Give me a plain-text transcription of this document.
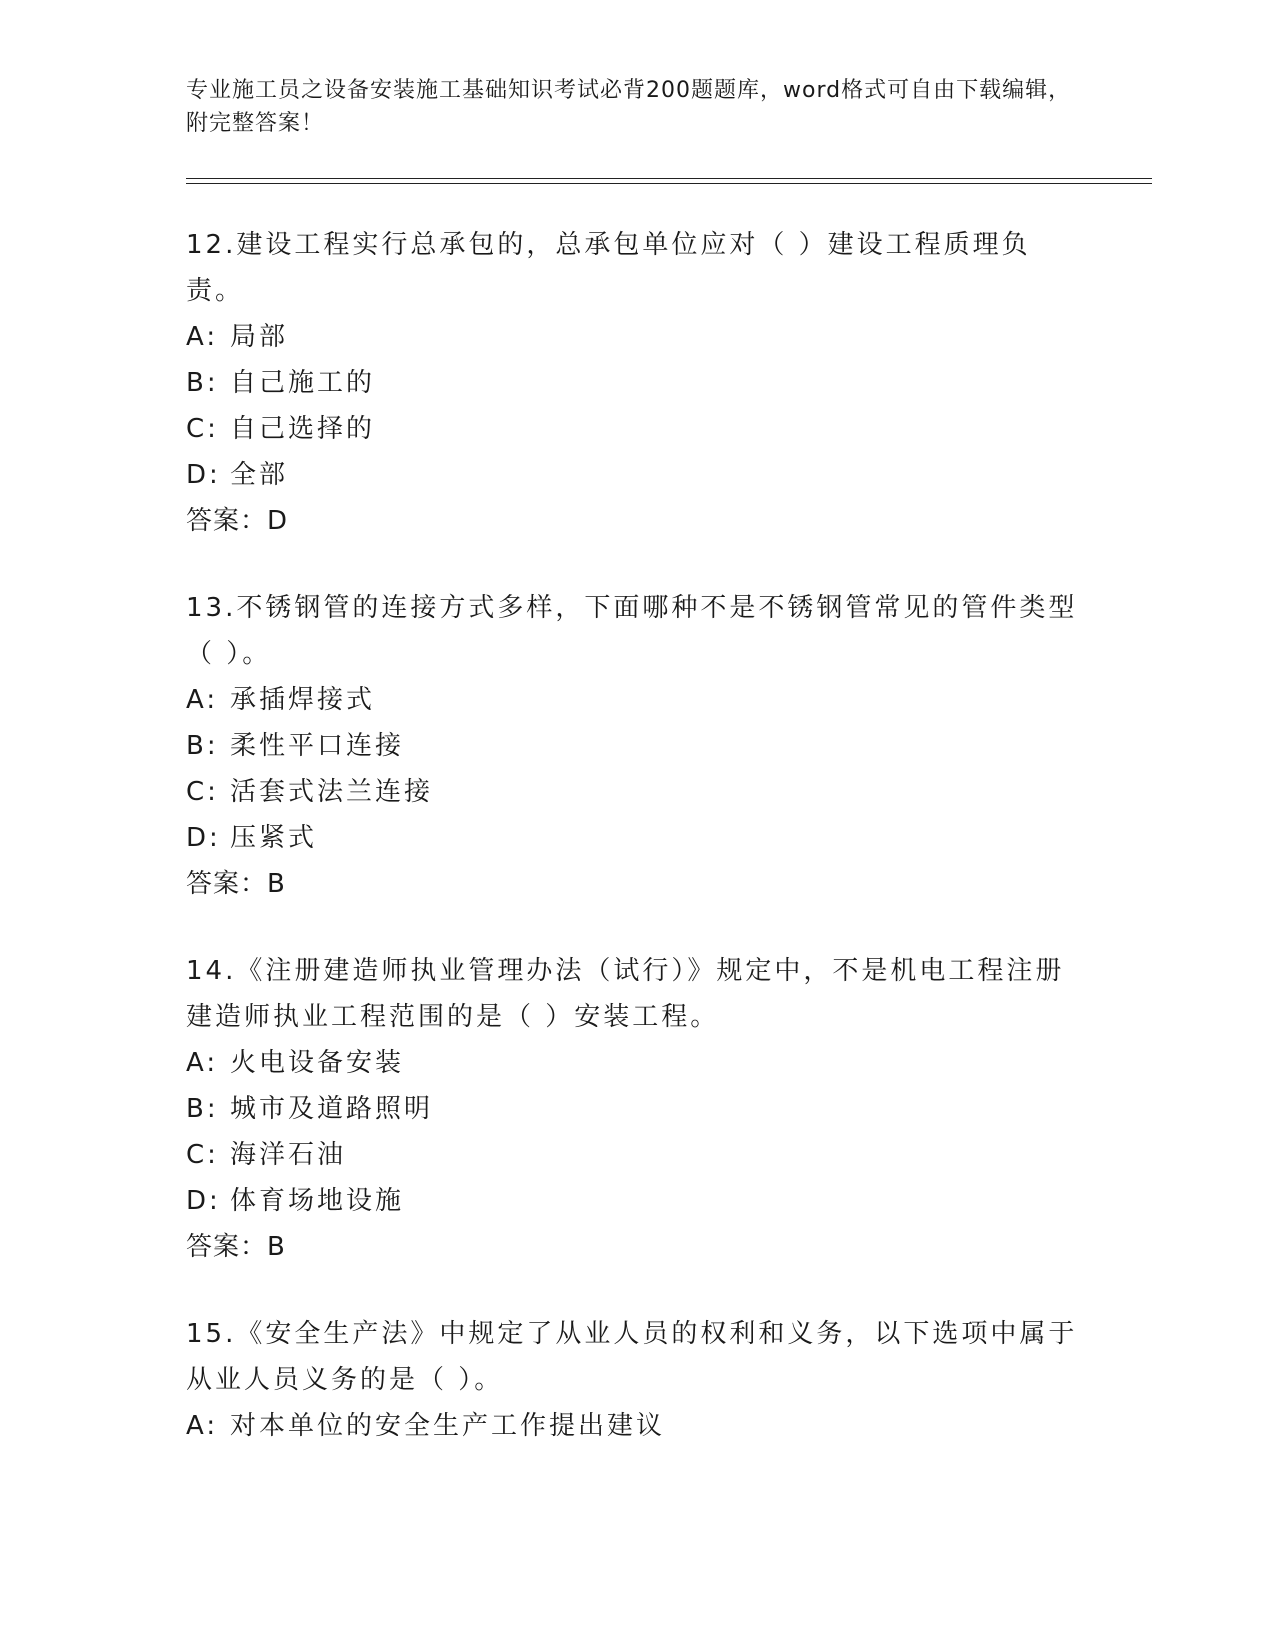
专业施工员之设备安装施工基础知识考试必背200题题库，word格式可自由下载编辑，附完整答案！

12.建设工程实行总承包的，总承包单位应对（ ）建设工程质理负责。

A: 局部

B: 自己施工的

C: 自己选择的

D: 全部

答案：D

13.不锈钢管的连接方式多样，下面哪种不是不锈钢管常见的管件类型（ ）。

A: 承插焊接式

B: 柔性平口连接

C: 活套式法兰连接

D: 压紧式

答案：B

14.《注册建造师执业管理办法（试行）》规定中，不是机电工程注册建造师执业工程范围的是（ ）安装工程。

A: 火电设备安装

B: 城市及道路照明

C: 海洋石油

D: 体育场地设施

答案：B

15.《安全生产法》中规定了从业人员的权利和义务，以下选项中属于从业人员义务的是（ ）。

A: 对本单位的安全生产工作提出建议
